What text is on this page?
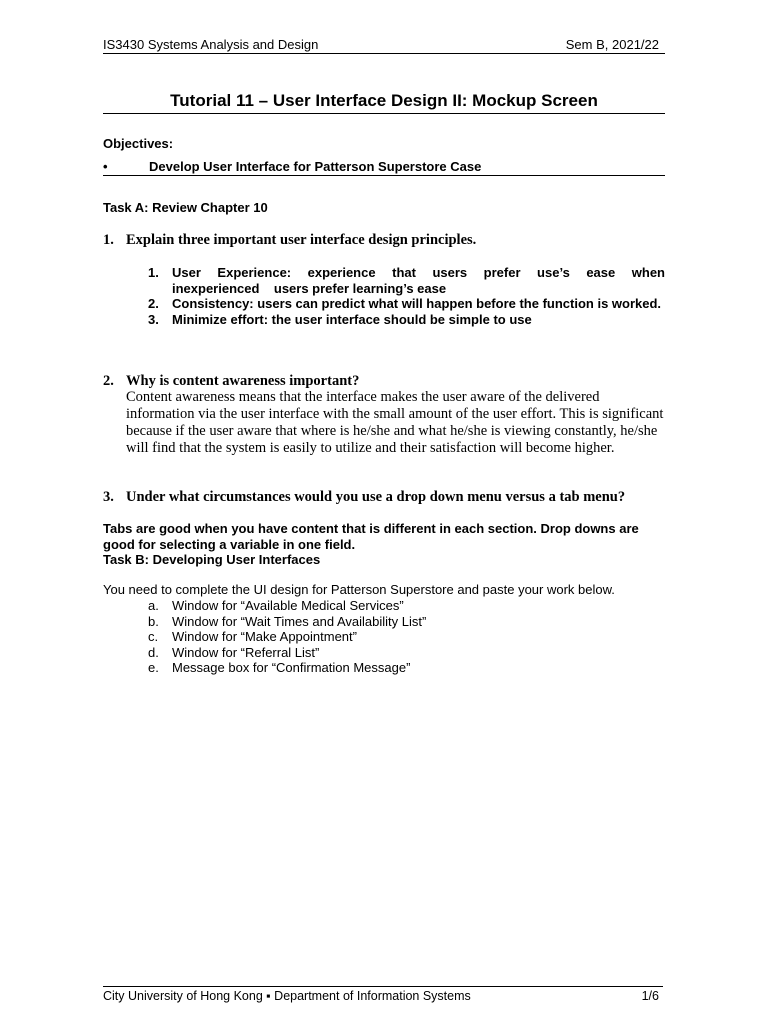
IS3430 Systems Analysis and Design	Sem B, 2021/22
Tutorial 11 – User Interface Design II: Mockup Screen
Objectives:
•	Develop User Interface for Patterson Superstore Case
Task A: Review Chapter 10
1. Explain three important user interface design principles.
1. User Experience: experience that users prefer use’s ease when
inexperienced    users prefer learning’s ease
2. Consistency: users can predict what will happen before the function is worked.
3. Minimize effort: the user interface should be simple to use
2. Why is content awareness important?
Content awareness means that the interface makes the user aware of the delivered information via the user interface with the small amount of the user effort. This is significant because if the user aware that where is he/she and what he/she is viewing constantly, he/she will find that the system is easily to utilize and their satisfaction will become higher.
3. Under what circumstances would you use a drop down menu versus a tab menu?
Tabs are good when you have content that is different in each section. Drop downs are good for selecting a variable in one field.
Task B: Developing User Interfaces
You need to complete the UI design for Patterson Superstore and paste your work below.
a. Window for “Available Medical Services”
b. Window for “Wait Times and Availability List”
c. Window for “Make Appointment”
d. Window for “Referral List”
e. Message box for “Confirmation Message”
City University of Hong Kong ▪ Department of Information Systems	1/6
